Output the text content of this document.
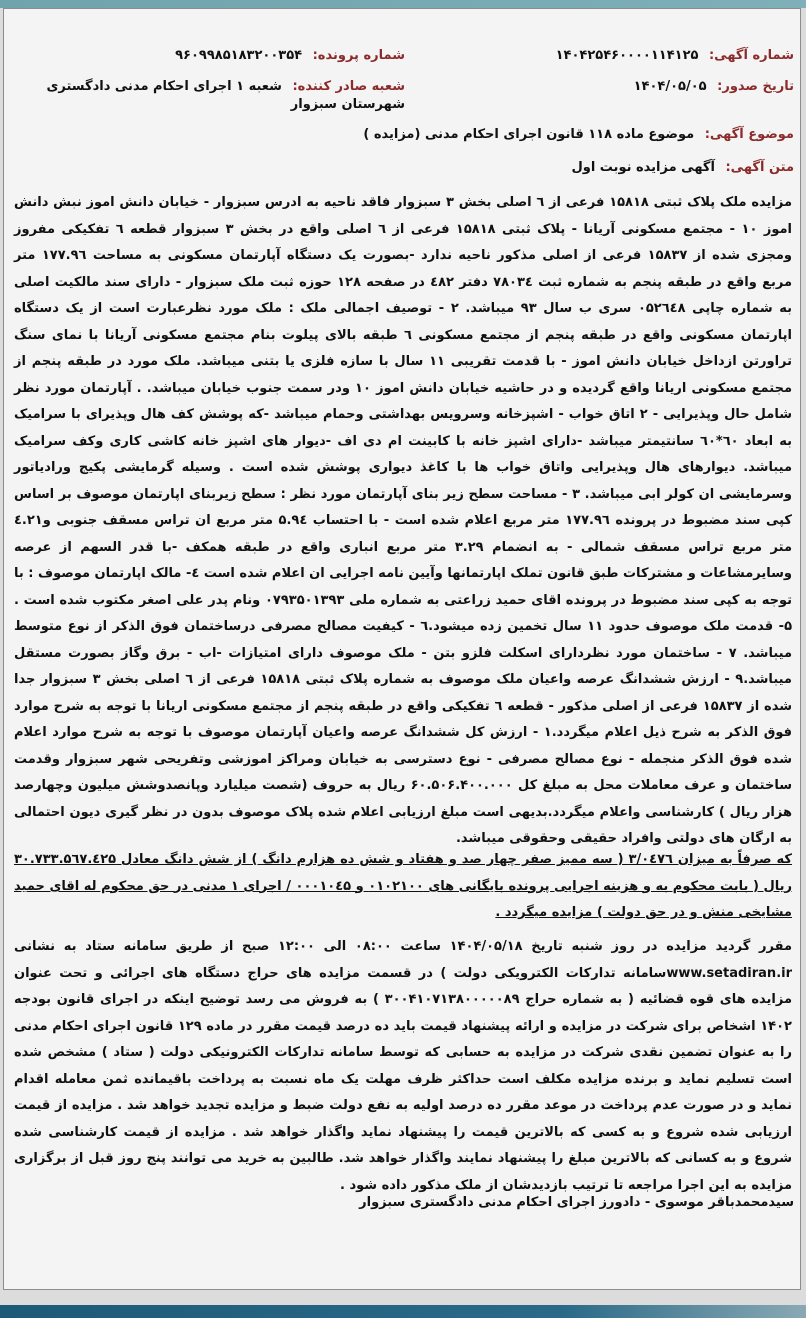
شماره آگهی: ۱۴۰۴۲۵۴۶۰۰۰۰۱۱۴۱۲۵
شماره پرونده: ۹۶۰۹۹۸۵۱۸۳۲۰۰۳۵۴
تاریخ صدور: ۱۴۰۴/۰۵/۰۵
شعبه صادر کننده: شعبه ۱ اجرای احکام مدنی دادگستری شهرستان سبزوار
موضوع آگهی: موضوع ماده ۱۱۸ قانون اجرای احکام مدنی (مزایده )
متن آگهی: آگهی مزایده نوبت اول
مزایده ملک پلاک ثبتی ۱۵۸۱۸ فرعی از ٦ اصلی بخش ۳ سبزوار فاقد ناحیه به ادرس سبزوار - خیابان دانش اموز نبش دانش اموز ۱۰ - مجتمع مسکونی آریانا - پلاک ثبتی ۱۵۸۱۸ فرعی از ٦ اصلی واقع در بخش ۳ سبزوار قطعه ٦ تفکیکی مفروز ومجزی شده از ۱۵۸۳۷ فرعی از اصلی مذکور ناحیه ندارد -بصورت یک دستگاه آپارتمان مسکونی به مساحت ۱۷۷.۹٦ متر مربع واقع در طبقه پنجم به شماره ثبت ۷۸۰۳٤ دفتر ٤۸۲ در صفحه ۱۲۸ حوزه ثبت ملک سبزوار - دارای سند مالکیت اصلی به شماره چاپی ۰۵۲٦٤۸ سری ب سال ۹۳ میباشد. ۲ - توصیف اجمالی ملک : ملک مورد نظرعبارت است از یک دستگاه اپارتمان مسکونی واقع در طبقه پنجم از مجتمع مسکونی ٦ طبقه بالای پیلوت بنام مجتمع مسکونی آریانا با نمای سنگ تراورتن ازداخل خیابان دانش اموز - با قدمت تقریبی ۱۱ سال با سازه فلزی یا بتنی میباشد. ملک مورد در طبقه پنجم از مجتمع مسکونی اریانا واقع گردیده و در حاشیه خیابان دانش اموز ۱۰ ودر سمت جنوب خیابان میباشد. . آپارتمان مورد نظر شامل حال وپذیرایی - ۲ اتاق خواب - اشپزخانه وسرویس بهداشتی وحمام میباشد -که پوشش کف هال وپذیرای با سرامیک به ابعاد ٦۰*٦۰ سانتیمتر میباشد -دارای اشپز خانه با کابینت ام دی اف -دیوار های اشپز خانه کاشی کاری وکف سرامیک میباشد. دیوارهای هال وپذیرایی واتاق خواب ها با کاغذ دیواری پوشش شده است . وسیله گرمایشی پکیج ورادیاتور وسرمایشی ان کولر ابی میباشد. ۳ - مساحت سطح زیر بنای آپارتمان مورد نظر : سطح زیربنای اپارتمان موصوف بر اساس کپی سند مضبوط در پرونده ۱۷۷.۹٦ متر مربع اعلام شده است - با احتساب ۵.۹٤ متر مربع ان تراس مسقف جنوبی و٤.۲۱ متر مربع تراس مسقف شمالی - به انضمام ۳.۲۹ متر مربع انباری واقع در طبقه همکف -با قدر السهم از عرصه وسایرمشاعات و مشترکات طبق قانون تملک اپارتمانها وآیین نامه اجرایی ان اعلام شده است ٤- مالک اپارتمان موصوف : با توجه به کپی سند مضبوط در پرونده اقای حمید زراعتی به شماره ملی ۰۷۹۳۵۰۱۳۹۳ ونام پدر علی اصغر مکتوب شده است . ۵- قدمت ملک موصوف حدود ۱۱ سال تخمین زده میشود.٦ - کیفیت مصالح مصرفی درساختمان فوق الذکر از نوع متوسط میباشد. ۷ - ساختمان مورد نظردارای اسکلت فلزو بتن - ملک موصوف دارای امتیازات -اب - برق وگاز بصورت مستقل میباشد.۹ - ارزش ششدانگ عرصه واعیان ملک موصوف به شماره پلاک ثبتی ۱۵۸۱۸ فرعی از ٦ اصلی بخش ۳ سبزوار جدا شده از ۱۵۸۳۷ فرعی از اصلی مذکور - قطعه ٦ تفکیکی واقع در طبقه پنجم از مجتمع مسکونی اریانا با توجه به شرح موارد فوق الذکر به شرح ذیل اعلام میگردد.۱ - ارزش کل ششدانگ عرصه واعیان آپارتمان موصوف با توجه به شرح موارد اعلام شده فوق الذکر منجمله - نوع مصالح مصرفی - نوع دسترسی به خیابان ومراکز اموزشی وتفریحی شهر سبزوار وقدمت ساختمان و عرف معاملات محل به مبلغ کل ۶۰.۵۰۶.۴۰۰.۰۰۰ ریال به حروف (شصت میلیارد وپانصدوشش میلیون وچهارصد هزار ریال ) کارشناسی واعلام میگردد.بدیهی است مبلغ ارزیابی اعلام شده پلاک موصوف بدون در نظر گیری دیون احتمالی به ارگان های دولتی وافراد حقیقی وحقوقی میباشد.
که صرفاً به میزان ۳/۰٤۷٦ ( سه ممیز صفر چهار صد و هفتاد و شش ده هزارم دانگ ) از شش دانگ معادل ۳۰.۷۳۳.۵٦۷.٤۲۵ ریال ( بابت محکوم به و هزینه اجرایی پرونده بایگانی های ۰۱۰۲۱۰۰ و ۰۰۰۱۰٤۵ / اجرای ۱ مدنی در حق محکوم له اقای حمید مشایخی منش و در حق دولت ) مزایده میگردد .
مقرر گردید مزایده در روز شنبه تاریخ ۱۴۰۴/۰۵/۱۸ ساعت ۰۸:۰۰ الی ۱۲:۰۰ صبح از طریق سامانه ستاد به نشانی www.setadiran.irسامانه تدارکات الکترویکی دولت ) در قسمت مزایده های حراج دستگاه های اجرائی و تحت عنوان مزایده های قوه قضائیه ( به شماره حراج ۳۰۰۴۱۰۷۱۳۸۰۰۰۰۰۸۹ ) به فروش می رسد توضیح اینکه در اجرای قانون بودجه ۱۴۰۲ اشخاص برای شرکت در مزایده و ارائه پیشنهاد قیمت باید ده درصد قیمت مقرر در ماده ۱۲۹ قانون اجرای احکام مدنی را به عنوان تضمین نقدی شرکت در مزایده به حسابی که توسط سامانه تدارکات الکترونیکی دولت ( ستاد ) مشخص شده است تسلیم نماید و برنده مزایده مکلف است حداکثر ظرف مهلت یک ماه نسبت به پرداخت باقیمانده ثمن معامله اقدام نماید و در صورت عدم پرداخت در موعد مقرر ده درصد اولیه به نفع دولت ضبط و مزایده تجدید خواهد شد . مزایده از قیمت ارزیابی شده شروع و به کسی که بالاترین قیمت را پیشنهاد نماید واگذار خواهد شد . مزایده از قیمت کارشناسی شده شروع و به کسانی که بالاترین مبلغ را پیشنهاد نمایند واگذار خواهد شد. طالبین به خرید می توانند پنج روز قبل از برگزاری مزایده به این اجرا مراجعه تا ترتیب بازدیدشان از ملک مذکور داده شود .
سیدمحمدباقر موسوی - دادورز اجرای احکام مدنی دادگستری سبزوار
